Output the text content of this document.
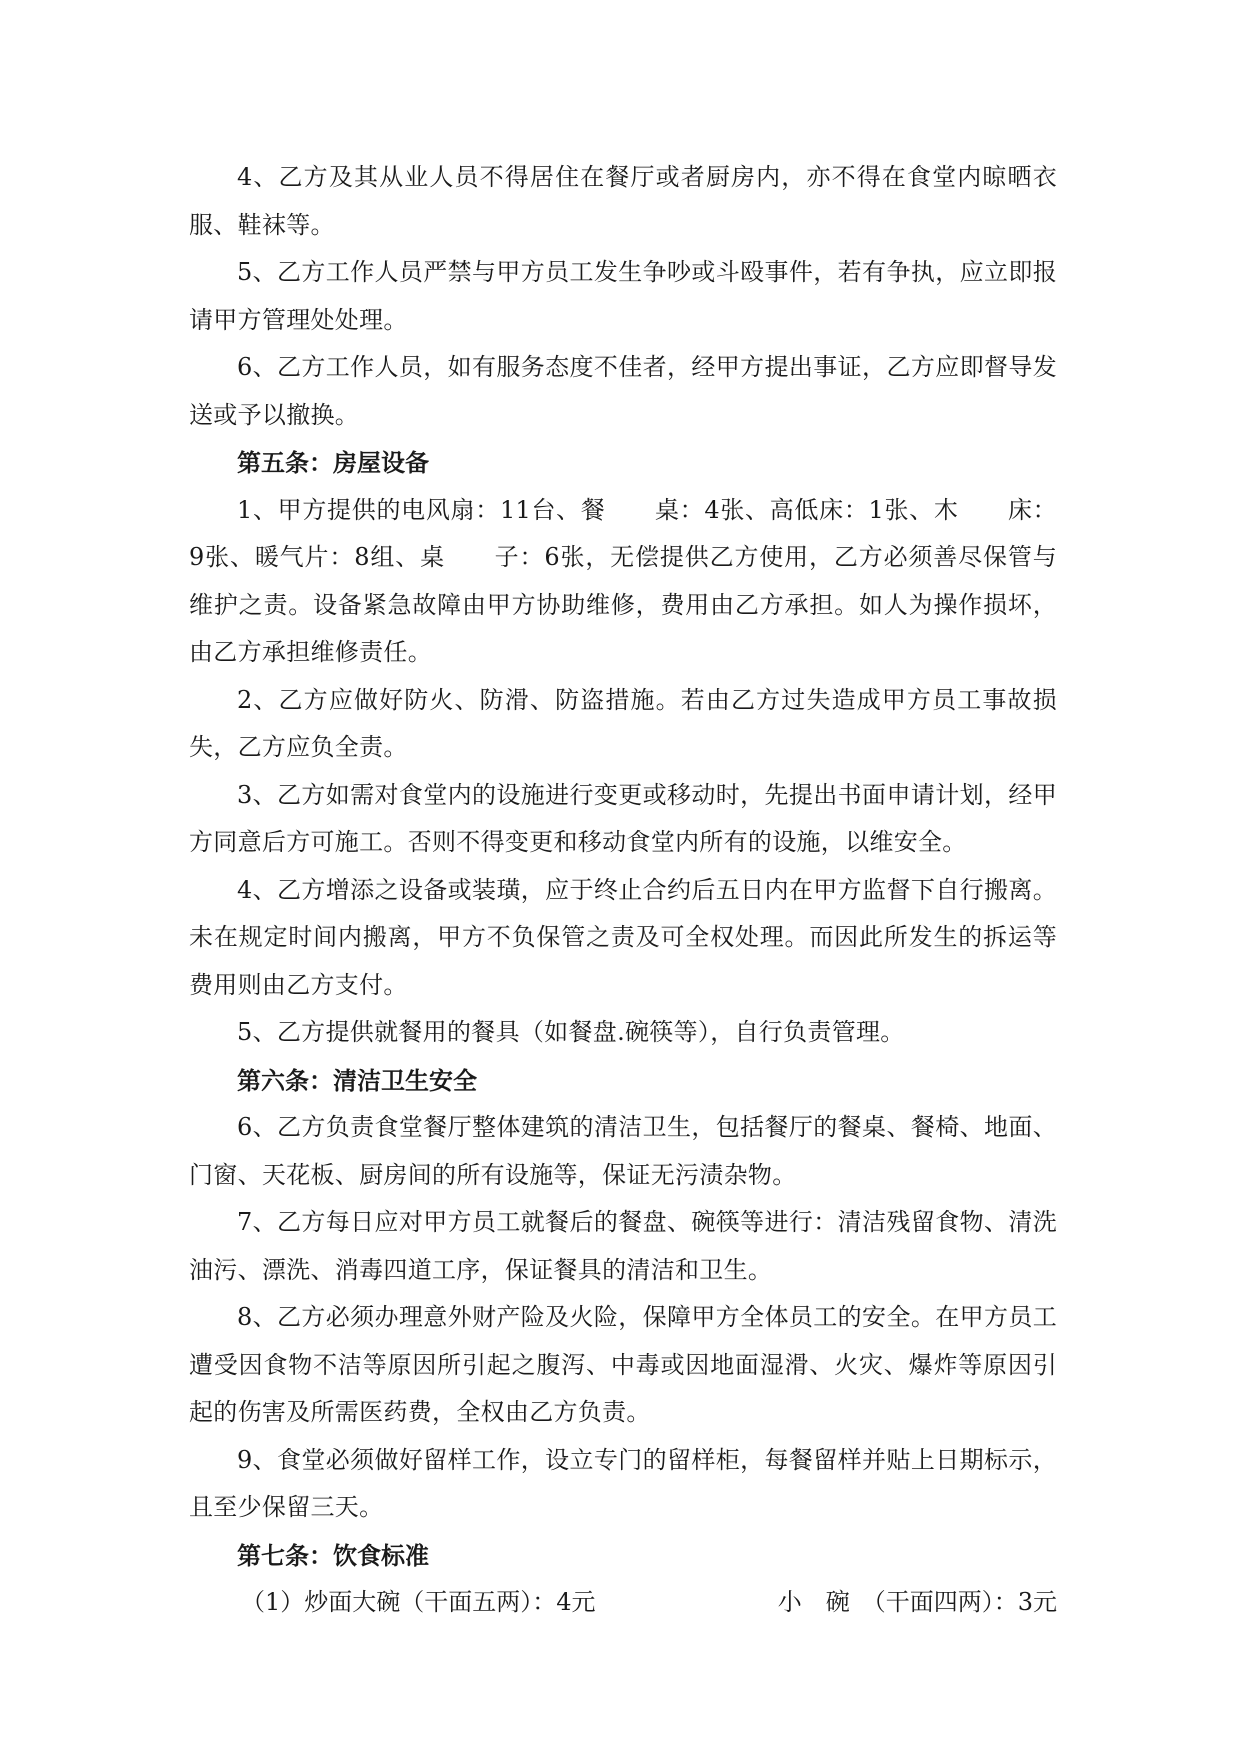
4、乙方及其从业人员不得居住在餐厅或者厨房内，亦不得在食堂内晾晒衣服、鞋袜等。

5、乙方工作人员严禁与甲方员工发生争吵或斗殴事件，若有争执，应立即报请甲方管理处处理。

6、乙方工作人员，如有服务态度不佳者，经甲方提出事证，乙方应即督导发送或予以撤换。

第五条：房屋设备

1、甲方提供的电风扇：11台、餐　　桌：4张、高低床：1张、木　　床：9张、暖气片：8组、桌　　子：6张，无偿提供乙方使用，乙方必须善尽保管与维护之责。设备紧急故障由甲方协助维修，费用由乙方承担。如人为操作损坏，由乙方承担维修责任。

2、乙方应做好防火、防滑、防盗措施。若由乙方过失造成甲方员工事故损失，乙方应负全责。

3、乙方如需对食堂内的设施进行变更或移动时，先提出书面申请计划，经甲方同意后方可施工。否则不得变更和移动食堂内所有的设施，以维安全。

4、乙方增添之设备或装璜，应于终止合约后五日内在甲方监督下自行搬离。未在规定时间内搬离，甲方不负保管之责及可全权处理。而因此所发生的拆运等费用则由乙方支付。

5、乙方提供就餐用的餐具（如餐盘.碗筷等），自行负责管理。

第六条：清洁卫生安全

6、乙方负责食堂餐厅整体建筑的清洁卫生，包括餐厅的餐桌、餐椅、地面、门窗、天花板、厨房间的所有设施等，保证无污渍杂物。

7、乙方每日应对甲方员工就餐后的餐盘、碗筷等进行：清洁残留食物、清洗油污、漂洗、消毒四道工序，保证餐具的清洁和卫生。

8、乙方必须办理意外财产险及火险，保障甲方全体员工的安全。在甲方员工遭受因食物不洁等原因所引起之腹泻、中毒或因地面湿滑、火灾、爆炸等原因引起的伤害及所需医药费，全权由乙方负责。

9、食堂必须做好留样工作，设立专门的留样柜，每餐留样并贴上日期标示，且至少保留三天。

第七条：饮食标准

（1）炒面大碗（干面五两）：4元	小　碗　（干面四两）：3元
